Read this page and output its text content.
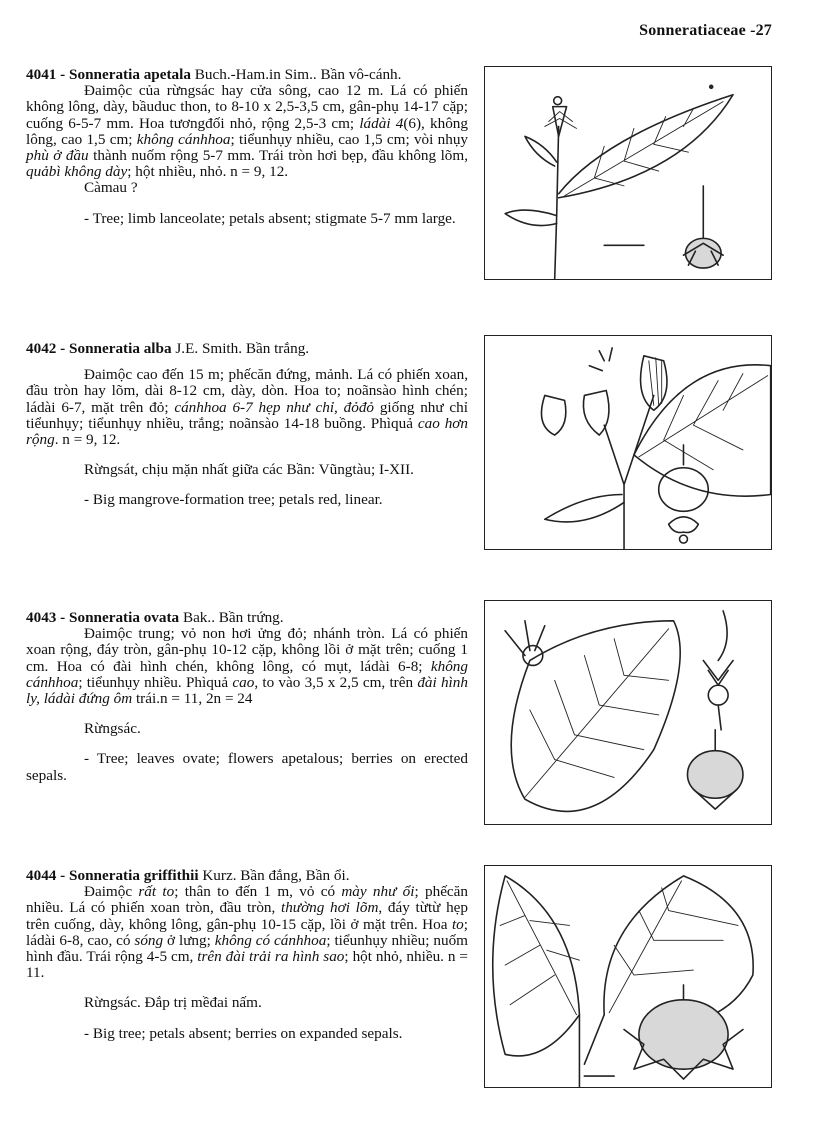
Sonneratiaceae -27

4041 - Sonneratia apetala Buch.-Ham.in Sim.. Bần vô-cánh.

Đaimộc của rừngsác hay cửa sông, cao 12 m. Lá có phiến không lông, dày, bầuduc thon, to 8-10 x 2,5-3,5 cm, gân-phụ 14-17 cặp; cuống 6-5-7 mm. Hoa tươngđối nhỏ, rộng 2,5-3 cm; ládài 4(6), không lông, cao 1,5 cm; không cánhhoa; tiểunhụy nhiều, cao 1,5 cm; vòi nhụy phù ở đầu thành nuốm rộng 5-7 mm. Trái tròn hơi bẹp, đầu không lõm, quảbì không dày; hột nhiều, nhỏ. n = 9, 12.

Càmau ?

- Tree; limb lanceolate; petals absent; stigmate 5-7 mm large.

4042 - Sonneratia alba J.E. Smith. Bần trắng.

Đaimộc cao đến 15 m; phếcăn đứng, mảnh. Lá có phiến xoan, đầu tròn hay lõm, dài 8-12 cm, dày, dòn. Hoa to; noãnsào hình chén; ládài 6-7, mặt trên đỏ; cánhhoa 6-7 hẹp như chỉ, đỏđỏ giống như chỉ tiểunhụy; tiểunhụy nhiều, trắng; noãnsào 14-18 buồng. Phìquả cao hơn rộng. n = 9, 12.

Rừngsát, chịu mặn nhất giữa các Bần: Vũngtàu; I-XII.

- Big mangrove-formation tree; petals red, linear.

4043 - Sonneratia ovata Bak.. Bần trứng.

Đaimộc trung; vỏ non hơi ửng đỏ; nhánh tròn. Lá có phiến xoan rộng, đáy tròn, gân-phụ 10-12 cặp, không lồi ở mặt trên; cuống 1 cm. Hoa có đài hình chén, không lông, có mụt, ládài 6-8; không cánhhoa; tiểunhụy nhiều. Phìquả cao, to vào 3,5 x 2,5 cm, trên đài hình ly, ládài đứng ôm trái.n = 11, 2n = 24

Rừngsác.

- Tree; leaves ovate; flowers apetalous; berries on erected sepals.

4044 - Sonneratia griffithii Kurz. Bần đắng, Bần ổi.

Đaimộc rất to; thân to đến 1 m, vỏ có mày như ổi; phếcăn nhiều. Lá có phiến xoan tròn, đầu tròn, thường hơi lõm, đáy từtừ hẹp trên cuống, dày, không lông, gân-phụ 10-15 cặp, lồi ở mặt trên. Hoa to; ládài 6-8, cao, có sóng ở lưng; không có cánhhoa; tiểunhụy nhiều; nuốm hình đầu. Trái rộng 4-5 cm, trên đài trải ra hình sao; hột nhỏ, nhiều. n = 11.

Rừngsác. Đắp trị mềđai nấm.

- Big tree; petals absent; berries on expanded sepals.
